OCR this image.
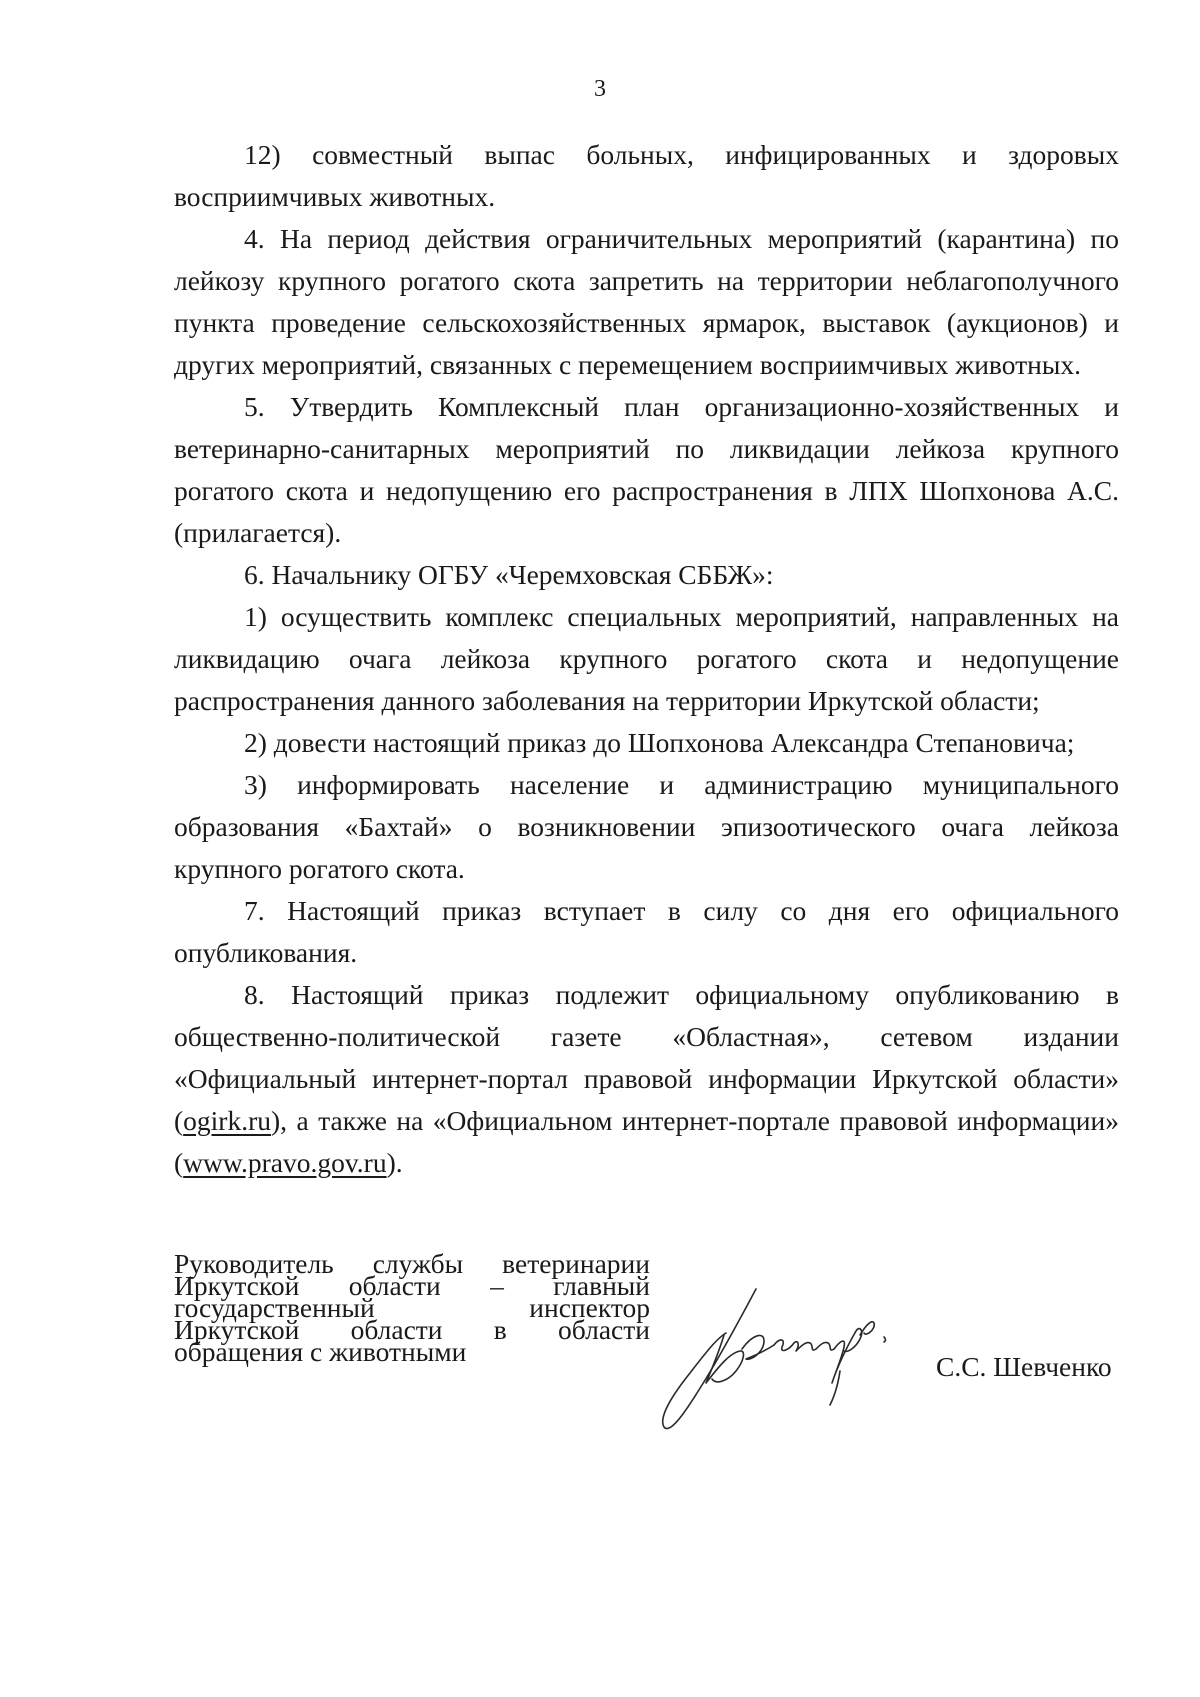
3

12) совместный выпас больных, инфицированных и здоровых восприимчивых животных.

4. На период действия ограничительных мероприятий (карантина) по лейкозу крупного рогатого скота запретить на территории неблагополучного пункта проведение сельскохозяйственных ярмарок, выставок (аукционов) и других мероприятий, связанных с перемещением восприимчивых животных.

5. Утвердить Комплексный план организационно-хозяйственных и ветеринарно-санитарных мероприятий по ликвидации лейкоза крупного рогатого скота и недопущению его распространения в ЛПХ Шопхонова А.С. (прилагается).

6. Начальнику ОГБУ «Черемховская СББЖ»:

1) осуществить комплекс специальных мероприятий, направленных на ликвидацию очага лейкоза крупного рогатого скота и недопущение распространения данного заболевания на территории Иркутской области;

2) довести настоящий приказ до Шопхонова Александра Степановича;

3) информировать население и администрацию муниципального образования «Бахтай» о возникновении эпизоотического очага лейкоза крупного рогатого скота.

7. Настоящий приказ вступает в силу со дня его официального опубликования.

8. Настоящий приказ подлежит официальному опубликованию в общественно-политической газете «Областная», сетевом издании «Официальный интернет-портал правовой информации Иркутской области» (ogirk.ru), а также на «Официальном интернет-портале правовой информации» (www.pravo.gov.ru).

Руководитель службы ветеринарии
Иркутской области – главный
государственный инспектор
Иркутской области в области
обращения с животными	С.С. Шевченко
